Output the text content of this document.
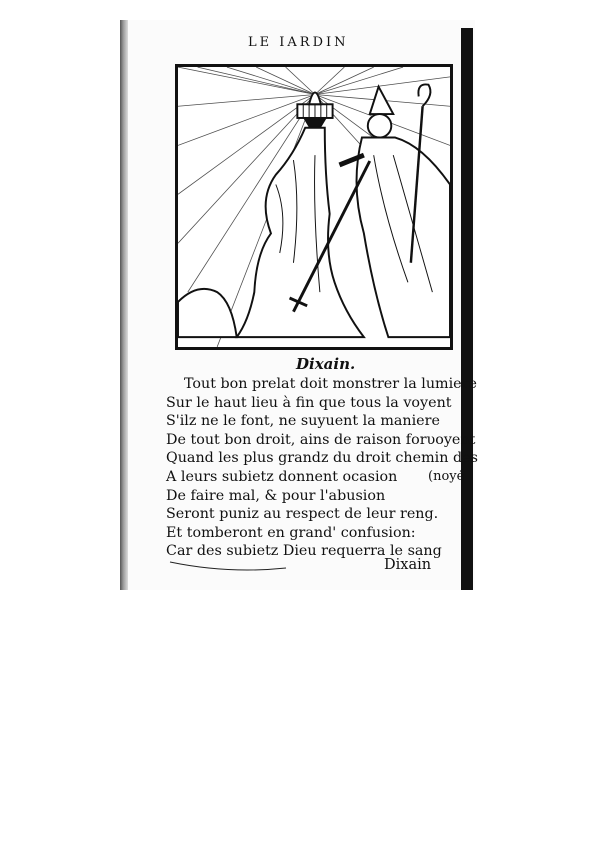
LE IARDIN
Dixain.
Tout bon prelat doit monstrer la lumiere
Sur le haut lieu à fin que tous la voyent
S'ilz ne le font, ne suyuent la maniere
De tout bon droit, ains de raison forυoyent
Quand les plus grandz du droit chemin des
A leurs subietz donnent ocasion
De faire mal, & pour l'abusion
Seront puniz au respect de leur reng.
Et tomberont en grand' confusion:
Car des subietz Dieu requerra le sang
(noyé
Dixain
